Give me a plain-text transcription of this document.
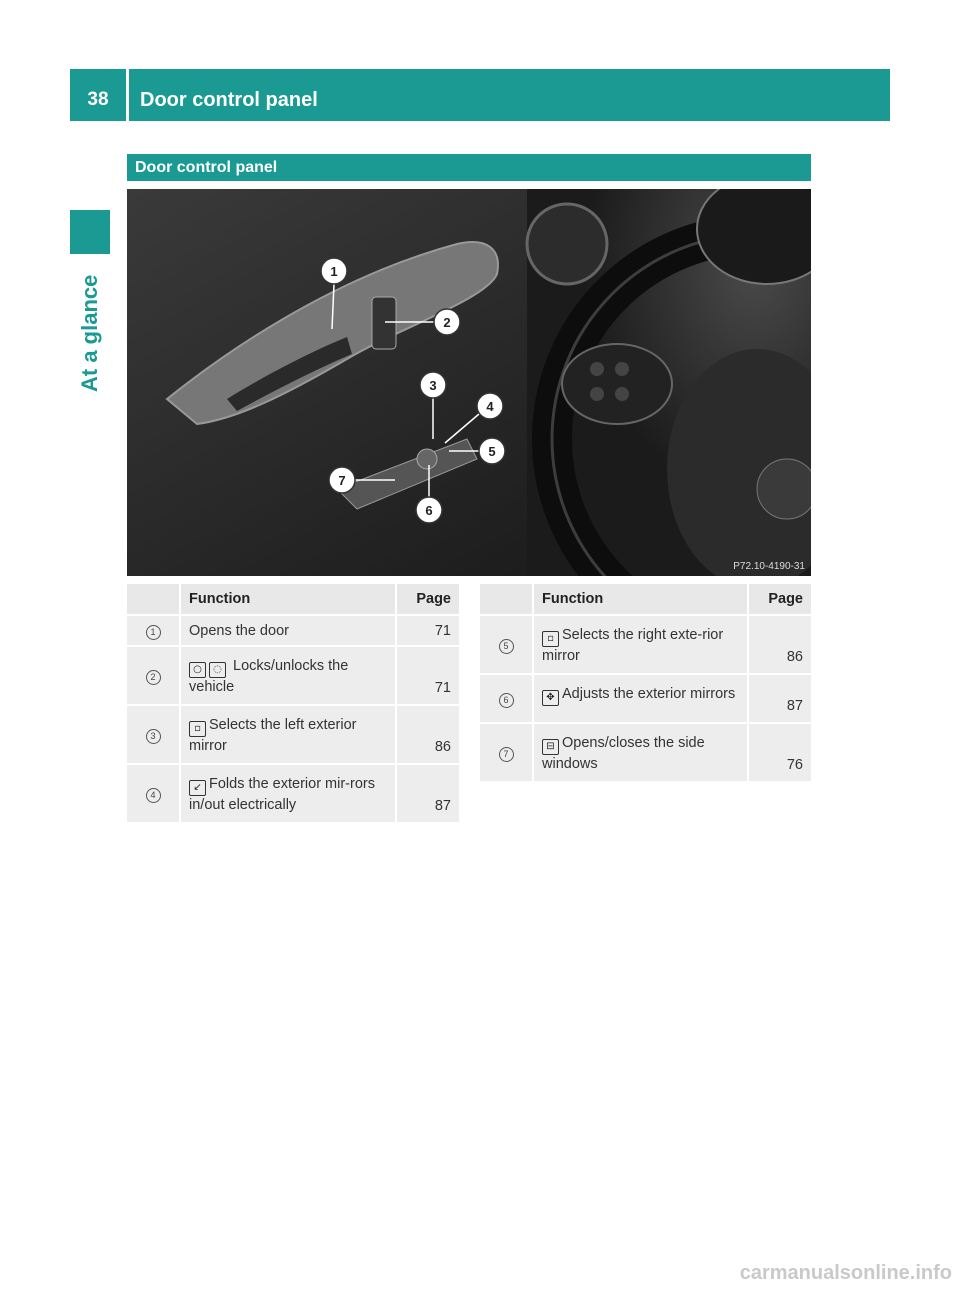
38	Door control panel
At a glance
Door control panel
1
2
3
4
5
6
7
P72.10-4190-31
	Function	Page
1	Opens the door	71
2	○ ◌ Locks/unlocks the vehicle	71
3	▫ Selects the left exterior mirror	86
4	↙ Folds the exterior mir-rors in/out electrically	87
	Function	Page
5	▫ Selects the right exte-rior mirror	86
6	✥ Adjusts the exterior mirrors	87
7	⊟ Opens/closes the side windows	76
carmanualsonline.info
